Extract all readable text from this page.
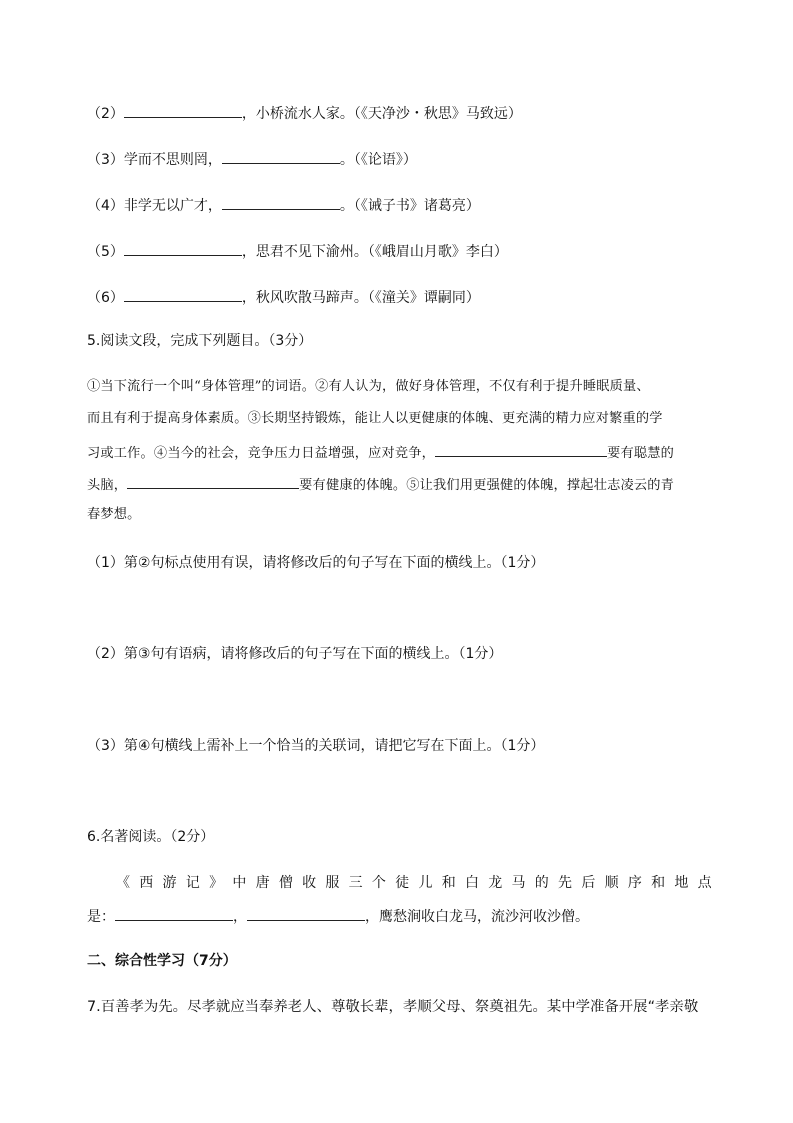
（2）	，小桥流水人家。（《天净沙・秋思》马致远）
（3）学而不思则罔，	。（《论语》）
（4）非学无以广才，	。（《诫子书》诸葛亮）
（5）	，思君不见下渝州。（《峨眉山月歌》李白）
（6）	，秋风吹散马蹄声。（《潼关》谭嗣同）
5.阅读文段，完成下列题目。（3分）
①当下流行一个叫“身体管理”的词语。②有人认为，做好身体管理，不仅有利于提升睡眠质量、
而且有利于提高身体素质。③长期坚持锻炼，能让人以更健康的体魄、更充满的精力应对繁重的学
习或工作。④当今的社会，竞争压力日益增强，应对竞争，	要有聪慧的
头脑，	要有健康的体魄。⑤让我们用更强健的体魄，撑起壮志凌云的青
春梦想。
（1）第②句标点使用有误，请将修改后的句子写在下面的横线上。（1分）
（2）第③句有语病，请将修改后的句子写在下面的横线上。（1分）
（3）第④句横线上需补上一个恰当的关联词，请把它写在下面上。（1分）
6.名著阅读。（2分）
《 西 游 记 》 中 唐 僧 收 服 三 个 徒 儿 和 白 龙 马 的 先 后 顺 序 和 地 点
是：	，	，鹰愁涧收白龙马，流沙河收沙僧。
二、综合性学习（7分）
7.百善孝为先。尽孝就应当奉养老人、尊敬长辈，孝顺父母、祭奠祖先。某中学准备开展“孝亲敬
